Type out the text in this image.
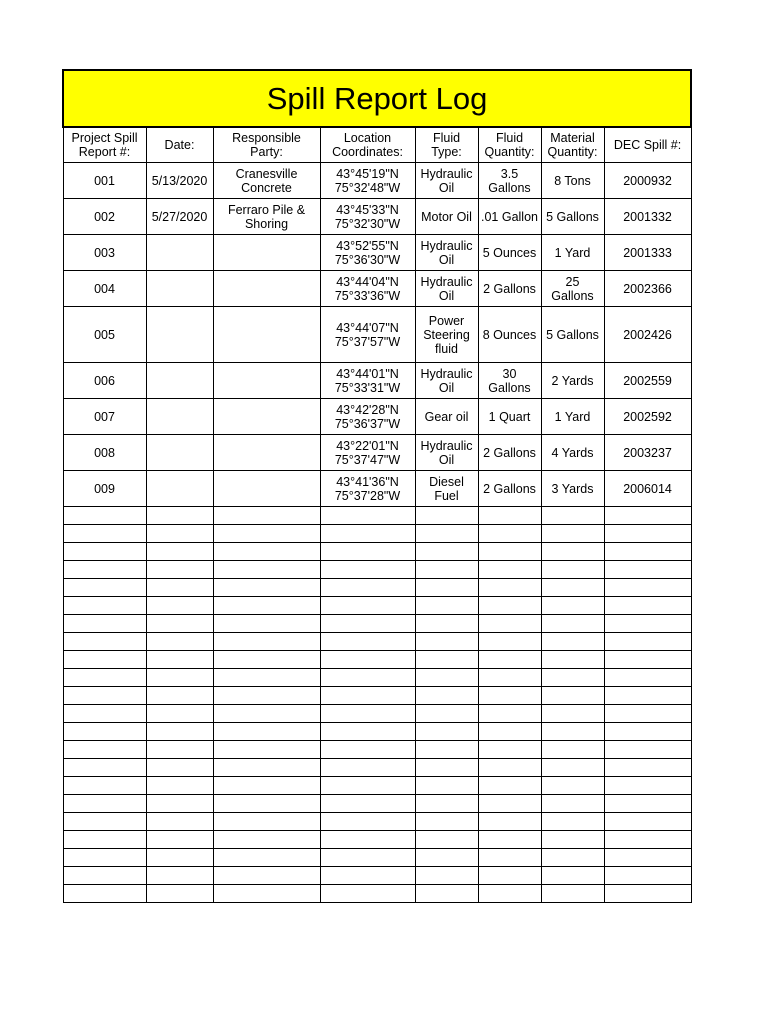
Spill Report Log							
Project Spill Report #:	Date:	Responsible Party:	Location Coordinates:	Fluid Type:	Fluid Quantity:	Material Quantity:	DEC Spill #:
001	5/13/2020	Cranesville Concrete	43°45'19"N 75°32'48"W	Hydraulic Oil	3.5 Gallons	8 Tons	2000932
002	5/27/2020	Ferraro Pile & Shoring	43°45'33"N 75°32'30"W	Motor Oil	.01 Gallon	5 Gallons	2001332
003			43°52'55"N 75°36'30"W	Hydraulic Oil	5 Ounces	1 Yard	2001333
004			43°44'04"N 75°33'36"W	Hydraulic Oil	2 Gallons	25 Gallons	2002366
005			43°44'07"N 75°37'57"W	Power Steering fluid	8 Ounces	5 Gallons	2002426
006			43°44'01"N 75°33'31"W	Hydraulic Oil	30 Gallons	2 Yards	2002559
007			43°42'28"N 75°36'37"W	Gear oil	1 Quart	1 Yard	2002592
008			43°22'01"N 75°37'47"W	Hydraulic Oil	2 Gallons	4 Yards	2003237
009			43°41'36"N 75°37'28"W	Diesel Fuel	2 Gallons	3 Yards	2006014
